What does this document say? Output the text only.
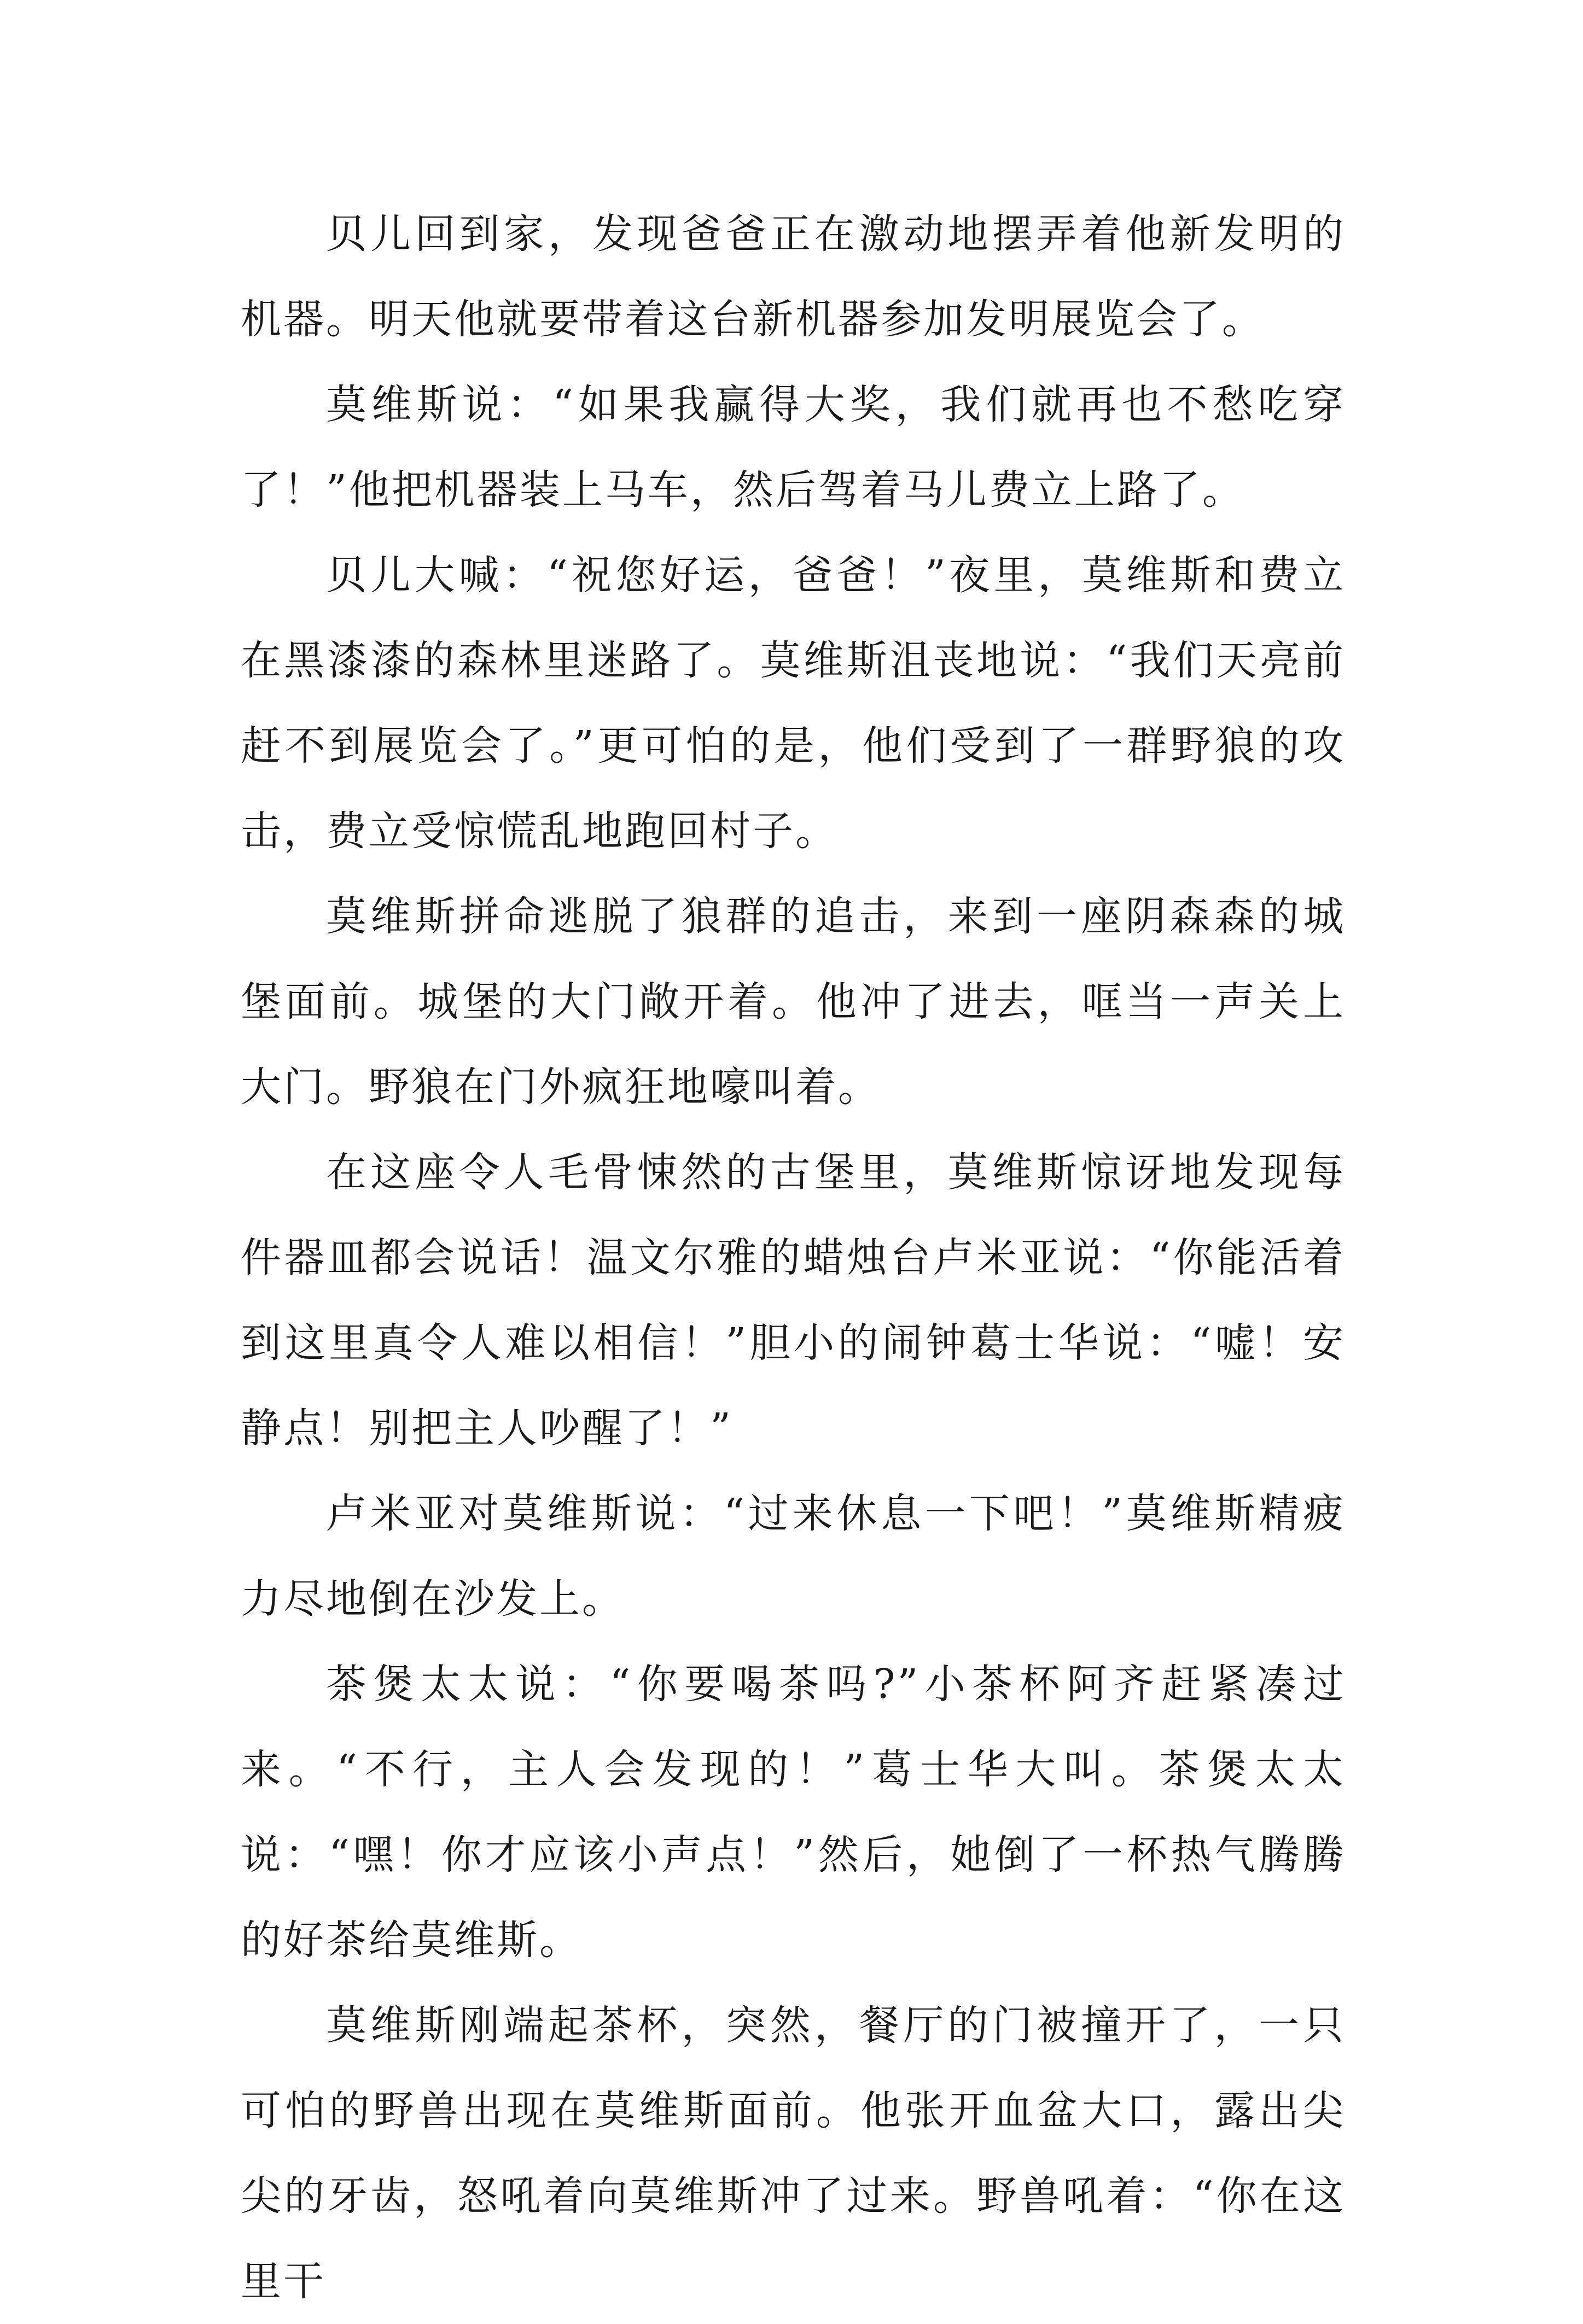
贝儿回到家，发现爸爸正在激动地摆弄着他新发明的机器。明天他就要带着这台新机器参加发明展览会了。

莫维斯说：“如果我赢得大奖，我们就再也不愁吃穿了！”他把机器装上马车，然后驾着马儿费立上路了。

贝儿大喊：“祝您好运，爸爸！”夜里，莫维斯和费立在黑漆漆的森林里迷路了。莫维斯沮丧地说：“我们天亮前赶不到展览会了。”更可怕的是，他们受到了一群野狼的攻击，费立受惊慌乱地跑回村子。

莫维斯拼命逃脱了狼群的追击，来到一座阴森森的城堡面前。城堡的大门敞开着。他冲了进去，哐当一声关上大门。野狼在门外疯狂地嚎叫着。

在这座令人毛骨悚然的古堡里，莫维斯惊讶地发现每件器皿都会说话！温文尔雅的蜡烛台卢米亚说：“你能活着到这里真令人难以相信！”胆小的闹钟葛士华说：“嘘！安静点！别把主人吵醒了！”

卢米亚对莫维斯说：“过来休息一下吧！”莫维斯精疲力尽地倒在沙发上。

茶煲太太说：“你要喝茶吗?”小茶杯阿齐赶紧凑过来。“不行，主人会发现的！”葛士华大叫。茶煲太太说：“嘿！你才应该小声点！”然后，她倒了一杯热气腾腾的好茶给莫维斯。

莫维斯刚端起茶杯，突然，餐厅的门被撞开了，一只可怕的野兽出现在莫维斯面前。他张开血盆大口，露出尖尖的牙齿，怒吼着向莫维斯冲了过来。野兽吼着：“你在这里干
